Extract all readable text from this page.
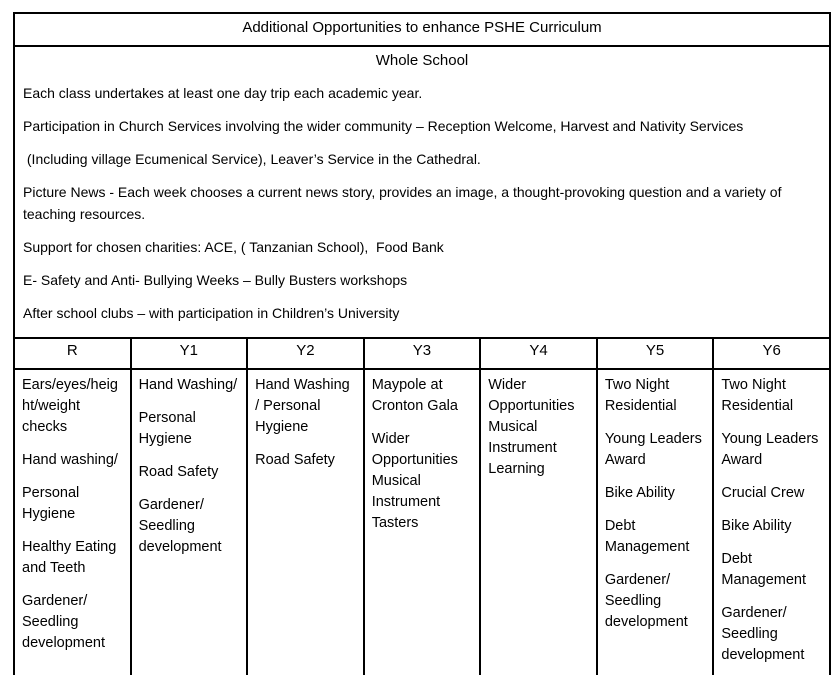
Additional Opportunities to enhance PSHE Curriculum						

Whole School
Each class undertakes at least one day trip each academic year.
Participation in Church Services involving the wider community – Reception Welcome, Harvest and Nativity Services
(Including village Ecumenical Service), Leaver’s Service in the Cathedral.
Picture News - Each week chooses a current news story, provides an image, a thought-provoking question and a variety of teaching resources.
Support for chosen charities: ACE, ( Tanzanian School),  Food Bank
E- Safety and Anti- Bullying Weeks – Bully Busters workshops
After school clubs – with participation in Children’s University

R	Y1	Y2	Y3	Y4	Y5	Y6

Ears/eyes/height/weight checks
Hand washing/
Personal Hygiene
Healthy Eating and Teeth
Gardener/ Seedling development

Hand Washing/
Personal Hygiene
Road Safety
Gardener/ Seedling development

Hand Washing / Personal Hygiene
Road Safety

Maypole at Cronton Gala
Wider Opportunities Musical Instrument Tasters

Wider Opportunities Musical Instrument Learning

Two Night Residential
Young Leaders Award
Bike Ability
Debt Management
Gardener/ Seedling development

Two Night Residential
Young Leaders Award
Crucial Crew
Bike Ability
Debt Management
Gardener/ Seedling development
